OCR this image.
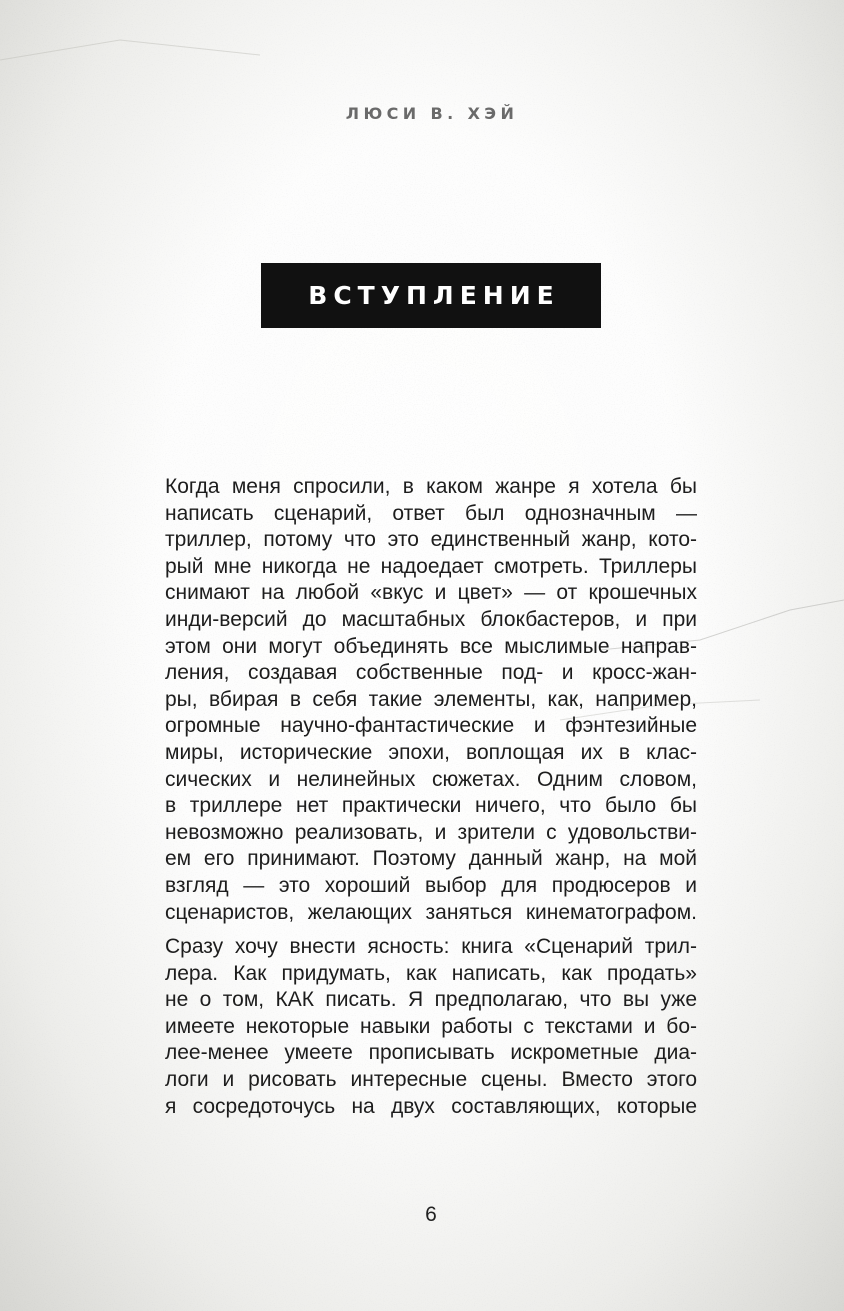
ЛЮСИ В. ХЭЙ
ВСТУПЛЕНИЕ
Когда меня спросили, в каком жанре я хотела бы
написать сценарий, ответ был однозначным —
триллер, потому что это единственный жанр, кото-
рый мне никогда не надоедает смотреть. Триллеры
снимают на любой «вкус и цвет» — от крошечных
инди-версий до масштабных блокбастеров, и при
этом они могут объединять все мыслимые направ-
ления, создавая собственные под- и кросс-жан-
ры, вбирая в себя такие элементы, как, например,
огромные научно-фантастические и фэнтезийные
миры, исторические эпохи, воплощая их в клас-
сических и нелинейных сюжетах. Одним словом,
в триллере нет практически ничего, что было бы
невозможно реализовать, и зрители с удовольстви-
ем его принимают. Поэтому данный жанр, на мой
взгляд — это хороший выбор для продюсеров и
сценаристов, желающих заняться кинематографом.
Сразу хочу внести ясность: книга «Сценарий трил-
лера. Как придумать, как написать, как продать»
не о том, КАК писать. Я предполагаю, что вы уже
имеете некоторые навыки работы с текстами и бо-
лее-менее умеете прописывать искрометные диа-
логи и рисовать интересные сцены. Вместо этого
я сосредоточусь на двух составляющих, которые
6
